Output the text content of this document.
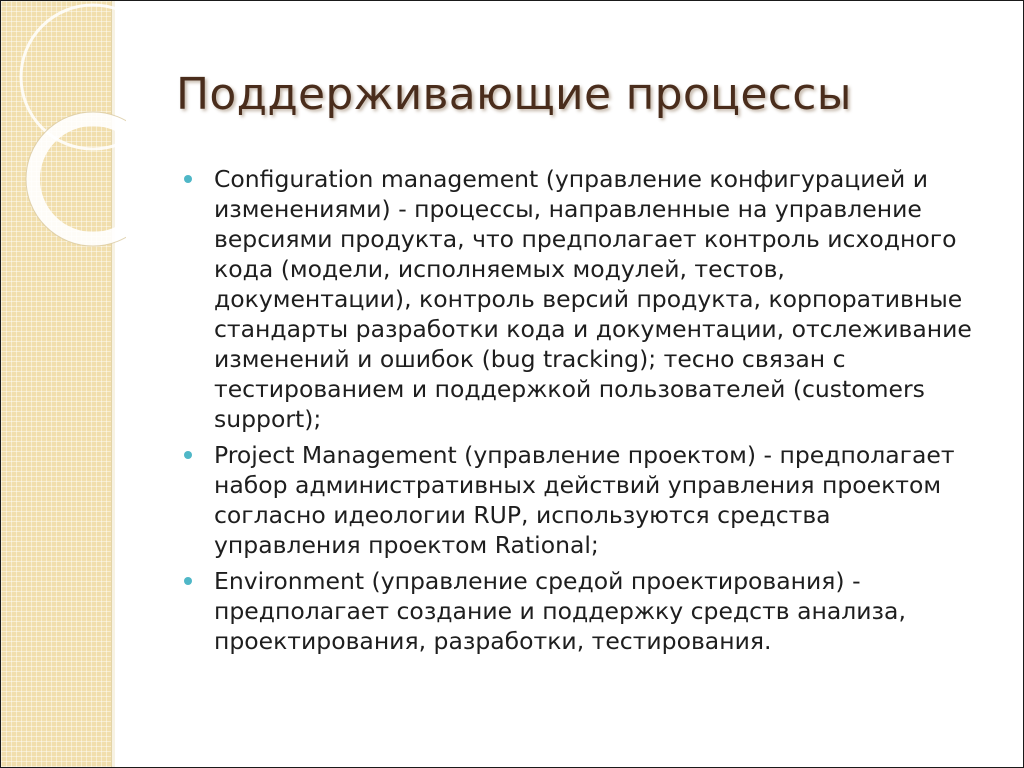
Поддерживающие процессы
Configuration management (управление конфигурацией и изменениями) - процессы, направленные на управление версиями продукта, что предполагает контроль исходного кода (модели, исполняемых модулей, тестов, документации), контроль версий продукта, корпоративные стандарты разработки кода и документации, отслеживание изменений и ошибок (bug tracking); тесно связан с тестированием и поддержкой пользователей (customers support);
Project Management (управление проектом) - предполагает набор административных действий управления проектом согласно идеологии RUP, используются средства управления проектом Rational;
Environment (управление средой проектирования) - предполагает создание и поддержку средств анализа, проектирования, разработки, тестирования.
